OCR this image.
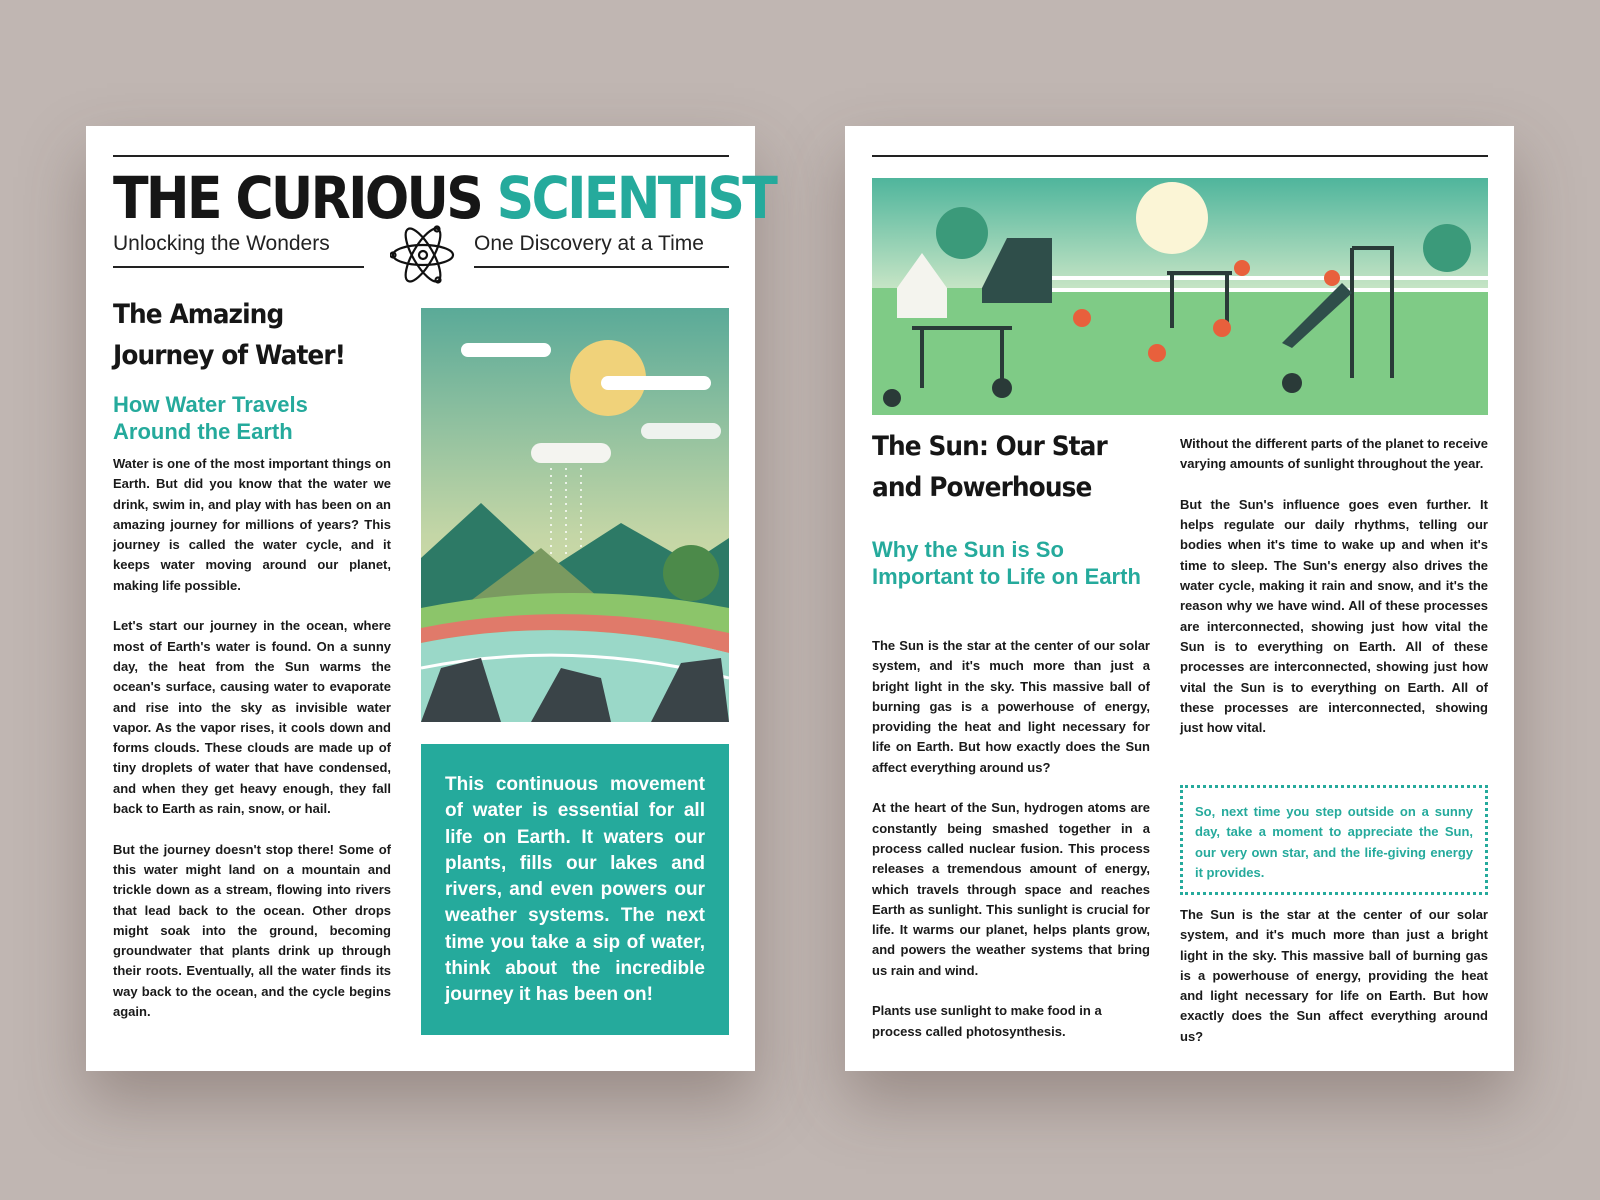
THE CURIOUS SCIENTIST
Unlocking the Wonders	One Discovery at a Time
The Amazing Journey of Water!
How Water Travels Around the Earth

Water is one of the most important things on Earth. But did you know that the water we drink, swim in, and play with has been on an amazing journey for millions of years? This journey is called the water cycle, and it keeps water moving around our planet, making life possible.

Let's start our journey in the ocean, where most of Earth's water is found. On a sunny day, the heat from the Sun warms the ocean's surface, causing water to evaporate and rise into the sky as invisible water vapor. As the vapor rises, it cools down and forms clouds. These clouds are made up of tiny droplets of water that have condensed, and when they get heavy enough, they fall back to Earth as rain, snow, or hail.

But the journey doesn't stop there! Some of this water might land on a mountain and trickle down as a stream, flowing into rivers that lead back to the ocean. Other drops might soak into the ground, becoming groundwater that plants drink up through their roots. Eventually, all the water finds its way back to the ocean, and the cycle begins again.

This continuous movement of water is essential for all life on Earth. It waters our plants, fills our lakes and rivers, and even powers our weather systems. The next time you take a sip of water, think about the incredible journey it has been on!
The Sun: Our Star and Powerhouse
Why the Sun is So Important to Life on Earth

The Sun is the star at the center of our solar system, and it's much more than just a bright light in the sky. This massive ball of burning gas is a powerhouse of energy, providing the heat and light necessary for life on Earth. But how exactly does the Sun affect everything around us?

At the heart of the Sun, hydrogen atoms are constantly being smashed together in a process called nuclear fusion. This process releases a tremendous amount of energy, which travels through space and reaches Earth as sunlight. This sunlight is crucial for life. It warms our planet, helps plants grow, and powers the weather systems that bring us rain and wind.

Plants use sunlight to make food in a process called photosynthesis.

Without the different parts of the planet to receive varying amounts of sunlight throughout the year.

But the Sun's influence goes even further. It helps regulate our daily rhythms, telling our bodies when it's time to wake up and when it's time to sleep. The Sun's energy also drives the water cycle, making it rain and snow, and it's the reason why we have wind. All of these processes are interconnected, showing just how vital the Sun is to everything on Earth. All of these processes are interconnected, showing just how vital the Sun is to everything on Earth. All of these processes are interconnected, showing just how vital.

So, next time you step outside on a sunny day, take a moment to appreciate the Sun, our very own star, and the life-giving energy it provides.
The Sun is the star at the center of our solar system, and it's much more than just a bright light in the sky. This massive ball of burning gas is a powerhouse of energy, providing the heat and light necessary for life on Earth. But how exactly does the Sun affect everything around us?
